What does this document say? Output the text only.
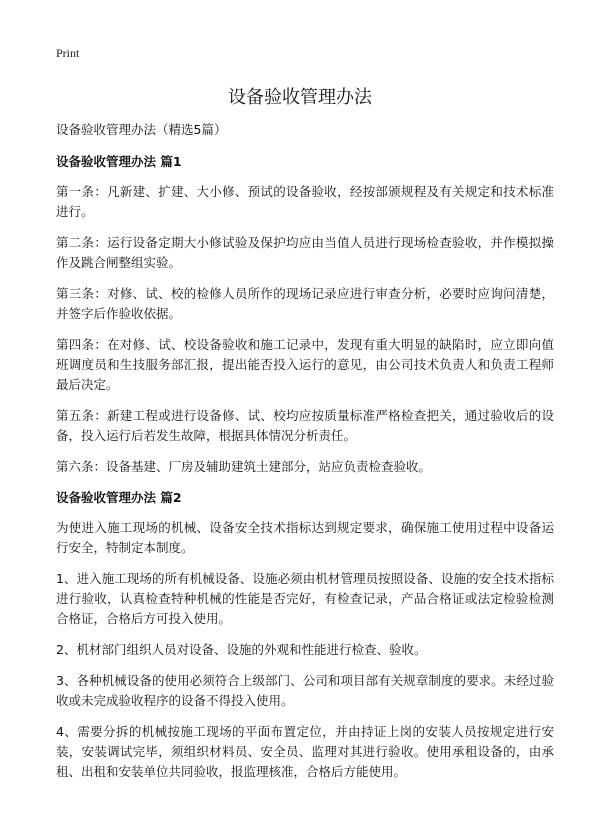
Print
设备验收管理办法

设备验收管理办法（精选5篇）

设备验收管理办法 篇1

第一条：凡新建、扩建、大小修、预试的设备验收，经按部颁规程及有关规定和技术标准进行。

第二条：运行设备定期大小修试验及保护均应由当值人员进行现场检查验收，并作模拟操作及跳合闸整组实验。

第三条：对修、试、校的检修人员所作的现场记录应进行审查分析，必要时应询问清楚，并签字后作验收依据。

第四条：在对修、试、校设备验收和施工记录中，发现有重大明显的缺陷时，应立即向值班调度员和生技服务部汇报，提出能否投入运行的意见，由公司技术负责人和负责工程师最后决定。

第五条：新建工程或进行设备修、试、校均应按质量标准严格检查把关，通过验收后的设备，投入运行后若发生故障，根据具体情况分析责任。

第六条：设备基建、厂房及辅助建筑土建部分，站应负责检查验收。

设备验收管理办法 篇2

为使进入施工现场的机械、设备安全技术指标达到规定要求，确保施工使用过程中设备运行安全，特制定本制度。

1、进入施工现场的所有机械设备、设施必须由机材管理员按照设备、设施的安全技术指标进行验收，认真检查特种机械的性能是否完好，有检查记录，产品合格证或法定检验检测合格证，合格后方可投入使用。

2、机材部门组织人员对设备、设施的外观和性能进行检查、验收。

3、各种机械设备的使用必须符合上级部门、公司和项目部有关规章制度的要求。未经过验收或未完成验收程序的设备不得投入使用。

4、需要分拆的机械按施工现场的平面布置定位，并由持证上岗的安装人员按规定进行安装，安装调试完毕，须组织材料员、安全员、监理对其进行验收。使用承租设备的，由承租、出租和安装单位共同验收，报监理核准，合格后方能使用。
